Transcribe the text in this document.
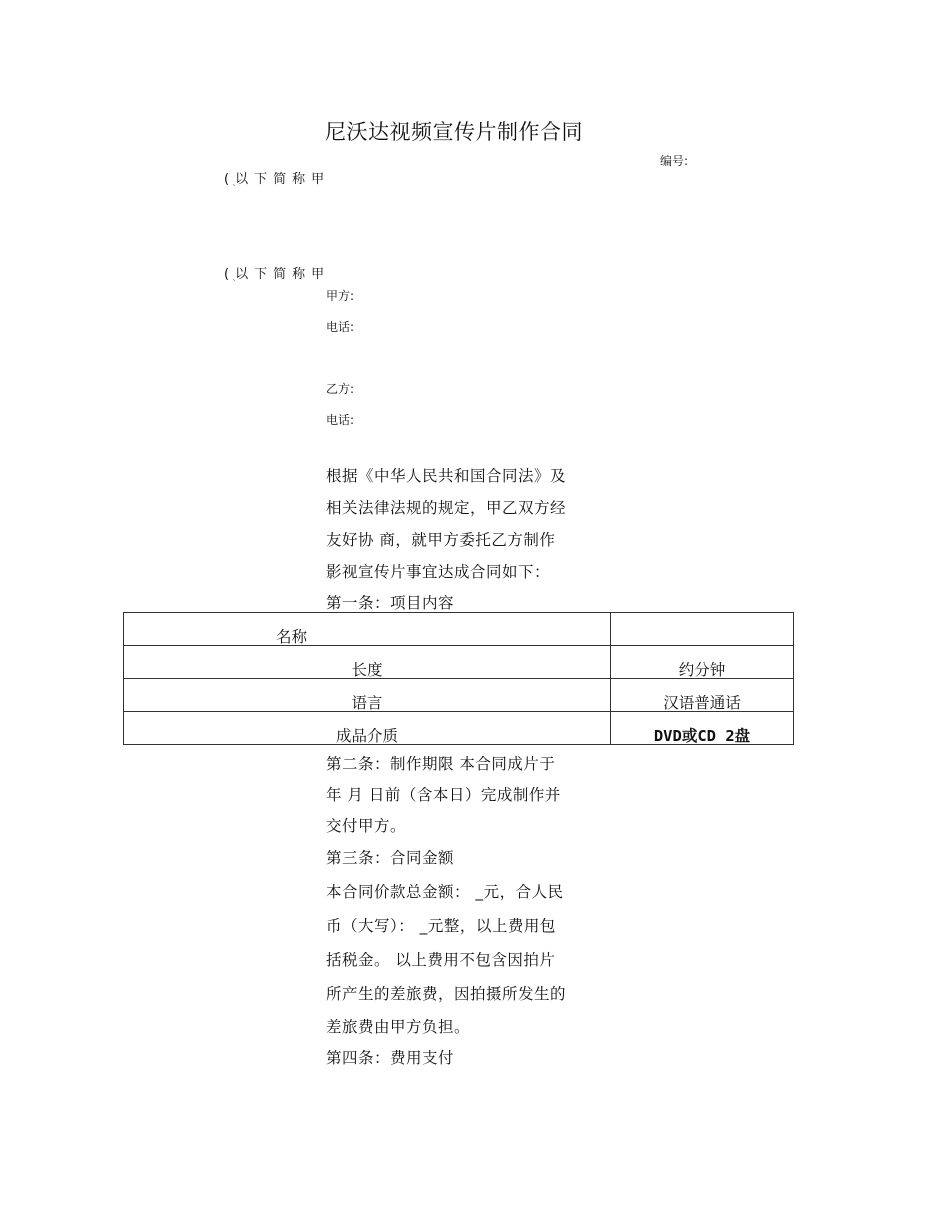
尼沃达视频宣传片制作合同
编号:
(以下简称甲
`
(以下简称甲
`
甲方:
电话:
乙方:
电话:
根据《中华人民共和国合同法》及
相关法律法规的规定，甲乙双方经
友好协 商，就甲方委托乙方制作
影视宣传片事宜达成合同如下：
第一条：项目内容
名称	
长度	约分钟
语言	汉语普通话
成品介质	DVD或CD 2盘
第二条：制作期限 本合同成片于
年 月 日前（含本日）完成制作并
交付甲方。
第三条：合同金额
本合同价款总金额： _元，合人民
币（大写）： _元整，以上费用包
括税金。 以上费用不包含因拍片
所产生的差旅费，因拍摄所发生的
差旅费由甲方负担。
第四条：费用支付
